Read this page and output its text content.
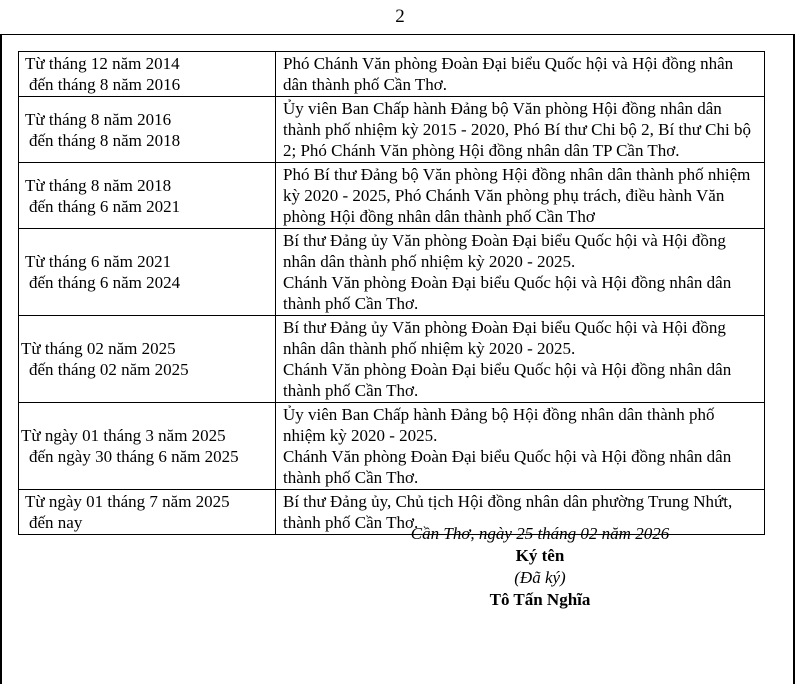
2
Từ tháng 12 năm 2014
đến tháng 8 năm 2016	Phó Chánh Văn phòng Đoàn Đại biểu Quốc hội và Hội đồng nhân dân thành phố Cần Thơ.

Từ tháng 8 năm 2016
đến tháng 8 năm 2018	Ủy viên Ban Chấp hành Đảng bộ Văn phòng Hội đồng nhân dân thành phố nhiệm kỳ 2015 - 2020, Phó Bí thư Chi bộ 2, Bí thư Chi bộ 2; Phó Chánh Văn phòng Hội đồng nhân dân TP Cần Thơ.

Từ tháng 8 năm 2018
đến tháng 6 năm 2021	Phó Bí thư Đảng bộ Văn phòng Hội đồng nhân dân thành phố nhiệm kỳ 2020 - 2025, Phó Chánh Văn phòng phụ trách, điều hành Văn phòng Hội đồng nhân dân thành phố Cần Thơ

Từ tháng 6 năm 2021
đến tháng 6 năm 2024	Bí thư Đảng ủy Văn phòng Đoàn Đại biểu Quốc hội và Hội đồng nhân dân thành phố nhiệm kỳ 2020 - 2025.
Chánh Văn phòng Đoàn Đại biểu Quốc hội và Hội đồng nhân dân thành phố Cần Thơ.

Từ tháng 02 năm 2025
đến tháng 02 năm 2025	Bí thư Đảng ủy Văn phòng Đoàn Đại biểu Quốc hội và Hội đồng nhân dân thành phố nhiệm kỳ 2020 - 2025.
Chánh Văn phòng Đoàn Đại biểu Quốc hội và Hội đồng nhân dân thành phố Cần Thơ.

Từ ngày 01 tháng 3 năm 2025
đến ngày 30 tháng 6 năm 2025	Ủy viên Ban Chấp hành Đảng bộ Hội đồng nhân dân thành phố nhiệm kỳ 2020 - 2025.
Chánh Văn phòng Đoàn Đại biểu Quốc hội và Hội đồng nhân dân thành phố Cần Thơ.

Từ ngày 01 tháng 7 năm 2025
đến nay	Bí thư Đảng ủy, Chủ tịch Hội đồng nhân dân phường Trung Nhứt, thành phố Cần Thơ.
Cần Thơ, ngày 25 tháng 02 năm 2026
Ký tên
(Đã ký)
Tô Tấn Nghĩa
